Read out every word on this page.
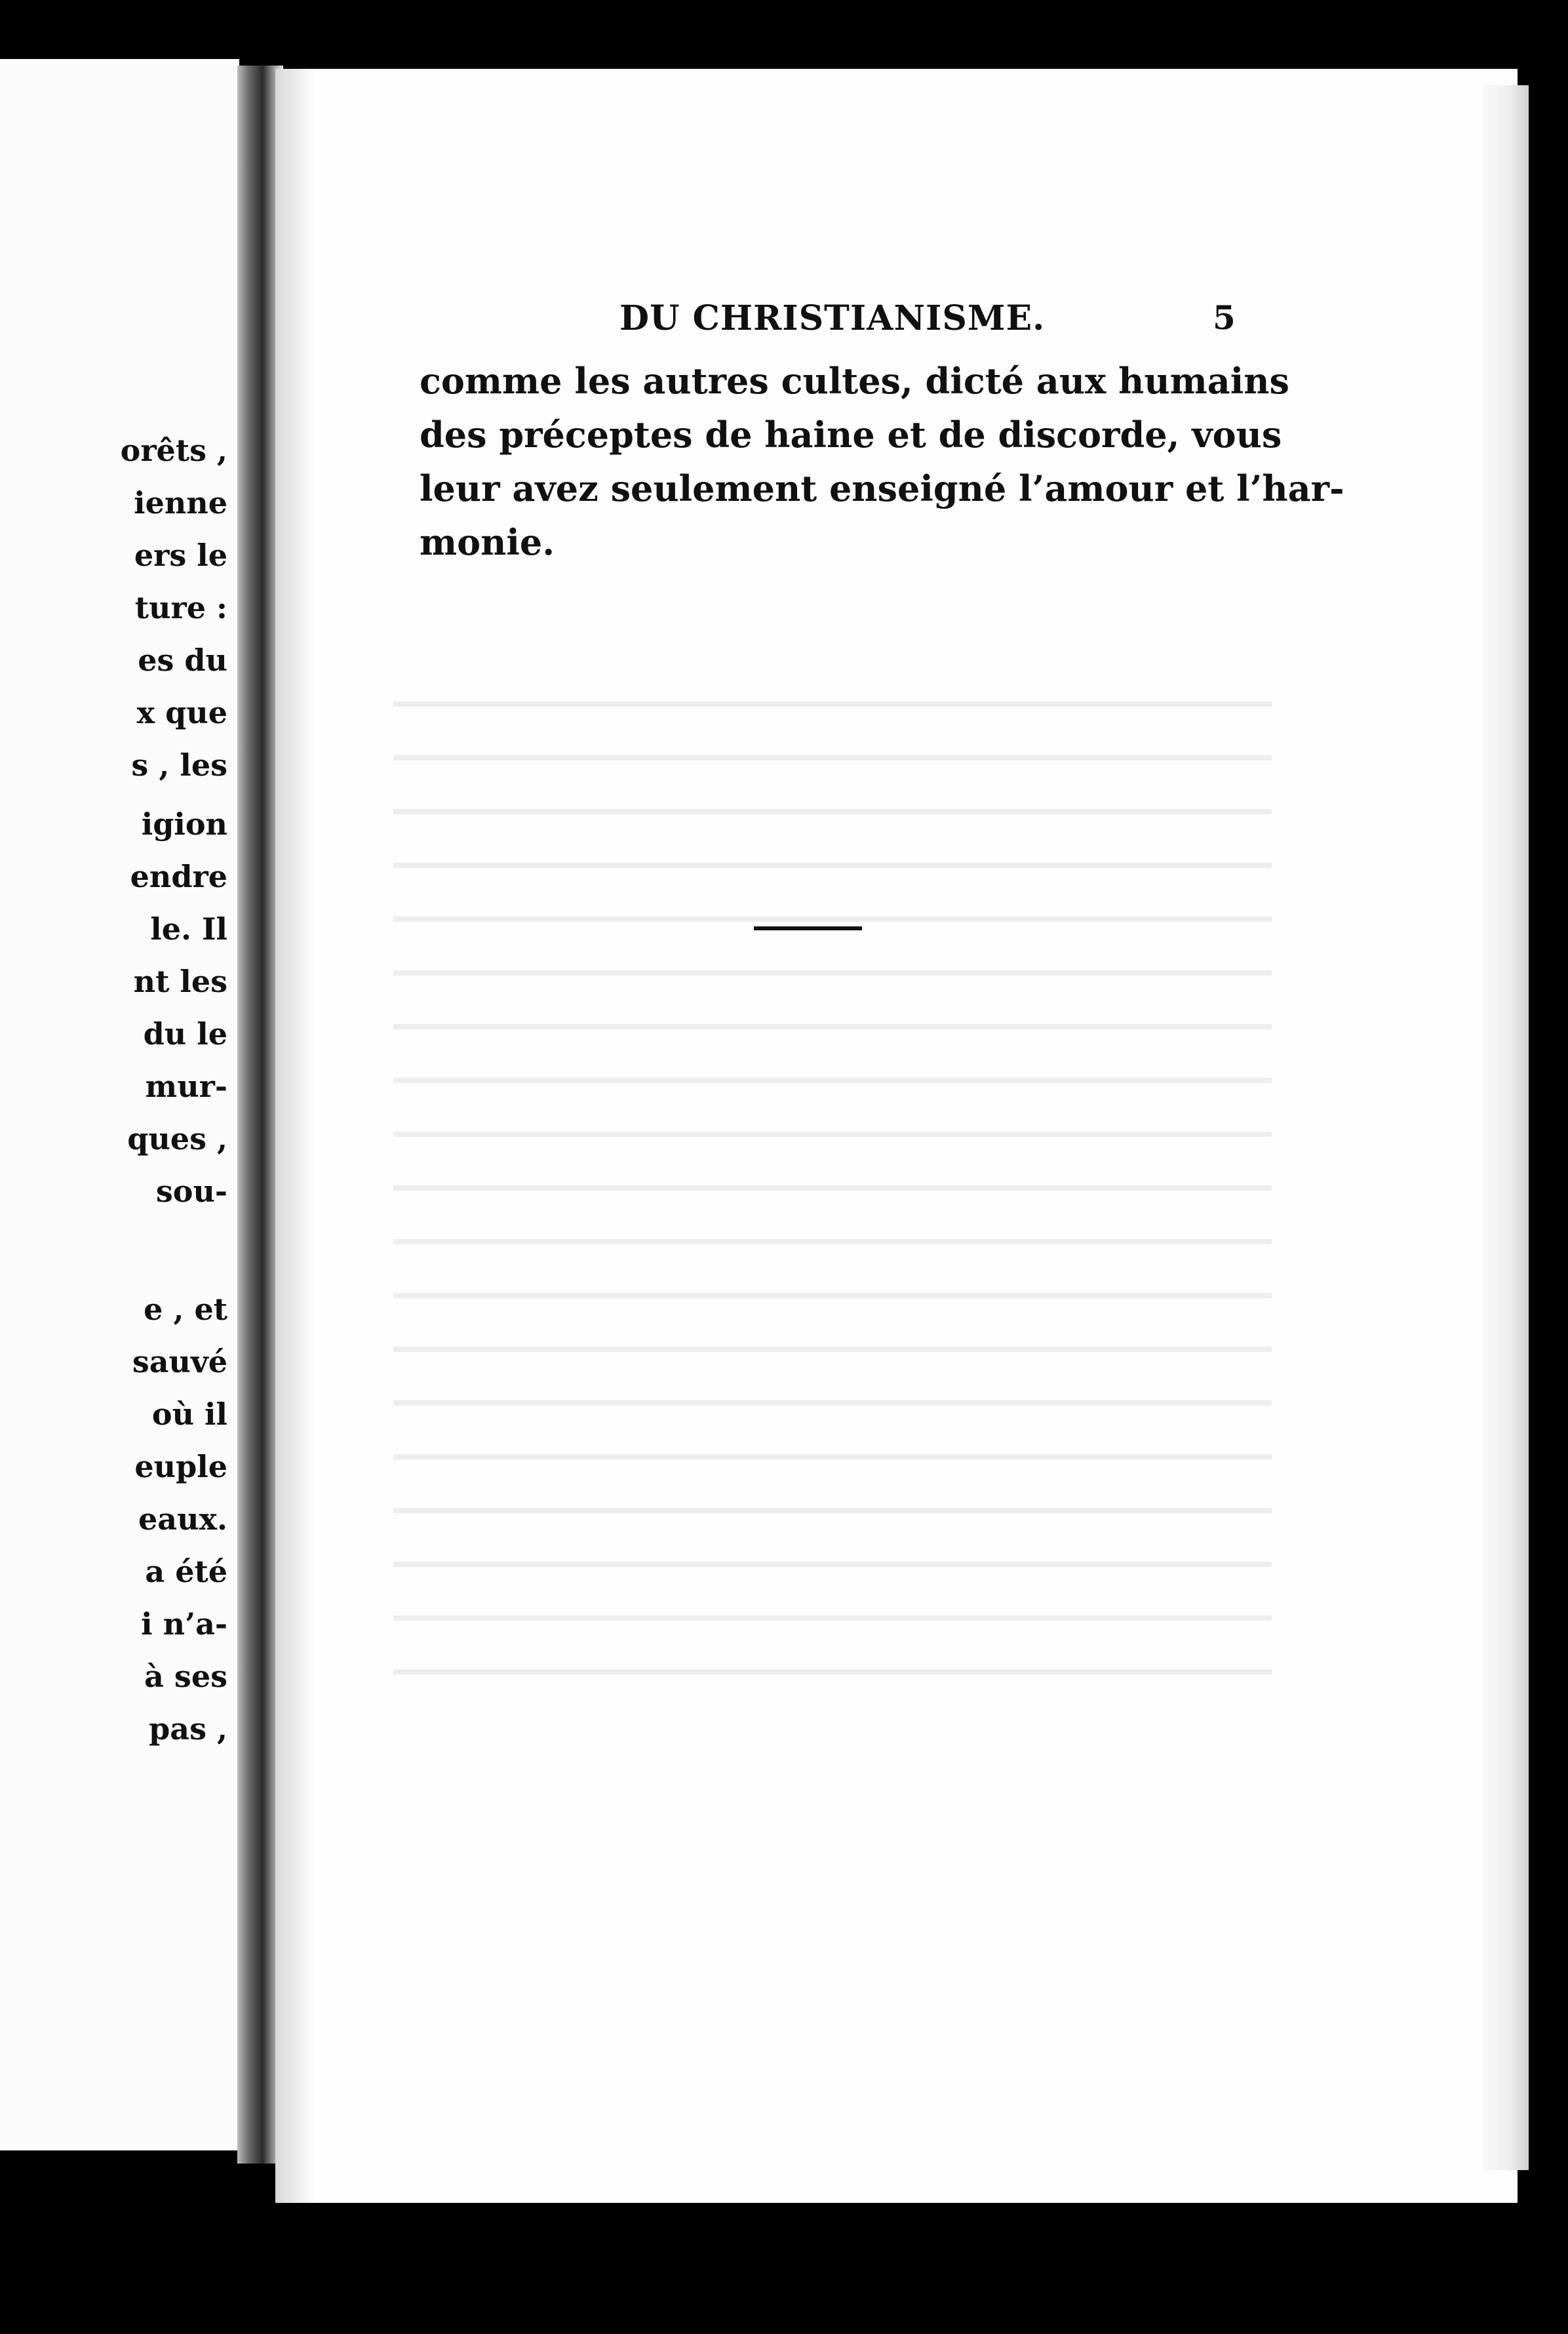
orêts ,
ienne
ers le
ture :
es du
x que
s , les
igion
endre
le. Il
nt les
du le
mur-
ques ,
sou-
e , et
sauvé
où il
euple
eaux.
a été
i n’a-
à ses
pas ,
DU CHRISTIANISME.	5
comme les autres cultes, dicté aux humains
des préceptes de haine et de discorde, vous
leur avez seulement enseigné l’amour et l’har-
monie.
